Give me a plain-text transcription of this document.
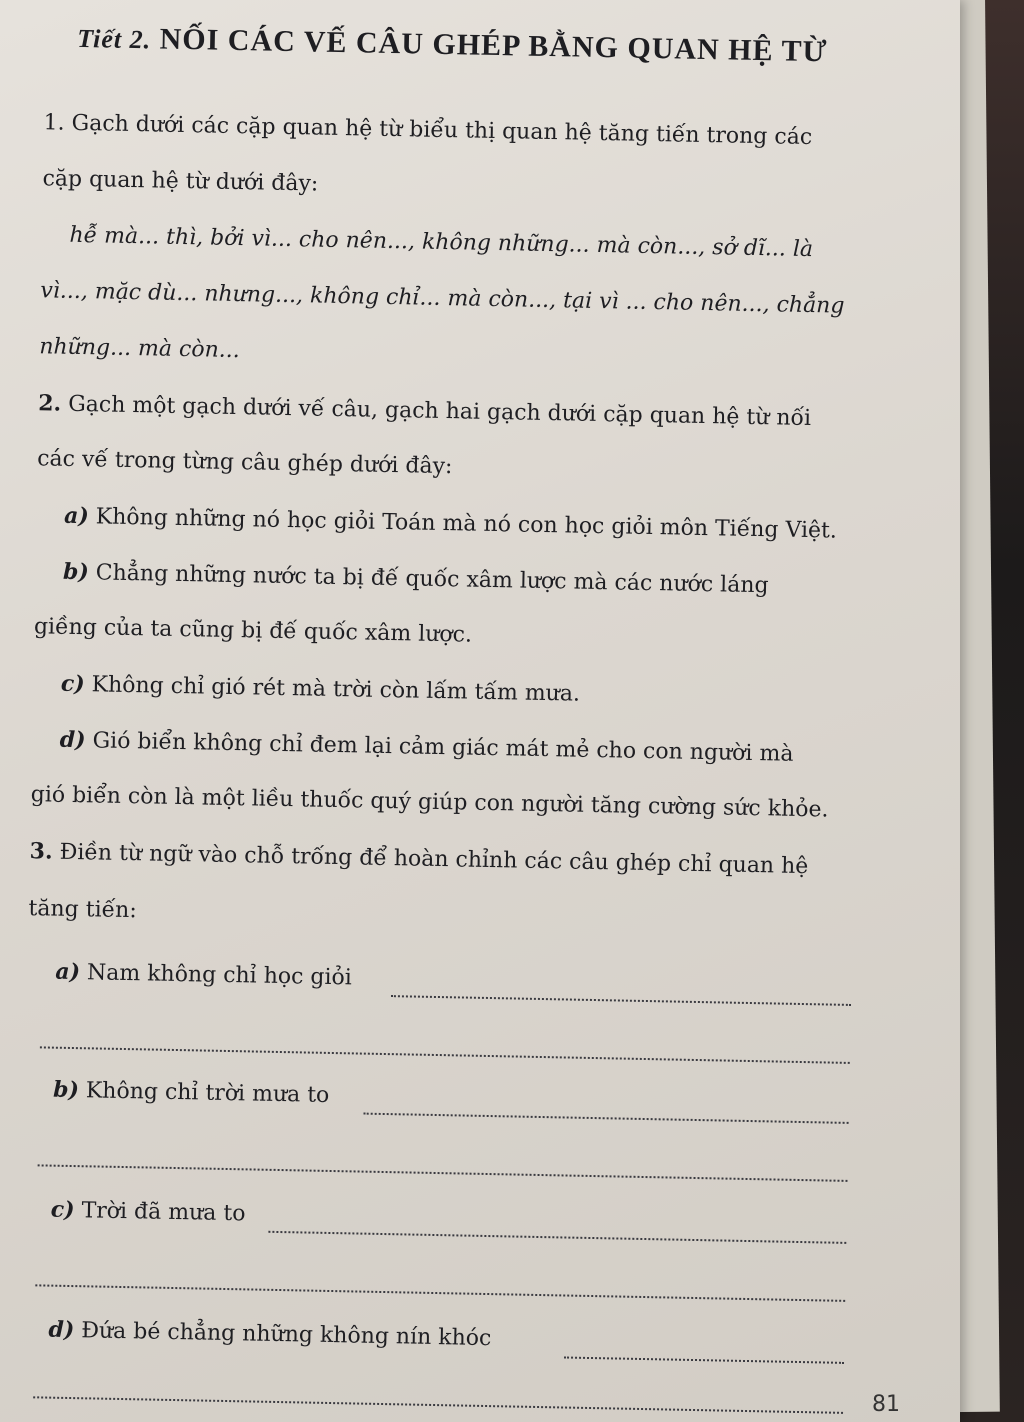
Tiết 2. NỐI CÁC VẾ CÂU GHÉP BẰNG QUAN HỆ TỪ
1. Gạch dưới các cặp quan hệ từ biểu thị quan hệ tăng tiến trong các
cặp quan hệ từ dưới đây:
hễ mà... thì, bởi vì... cho nên..., không những... mà còn..., sở dĩ... là
vì..., mặc dù... nhưng..., không chỉ... mà còn..., tại vì ... cho nên..., chẳng
những... mà còn...
2. Gạch một gạch dưới vế câu, gạch hai gạch dưới cặp quan hệ từ nối
các vế trong từng câu ghép dưới đây:
a) Không những nó học giỏi Toán mà nó con học giỏi môn Tiếng Việt.
b) Chẳng những nước ta bị đế quốc xâm lược mà các nước láng
giềng của ta cũng bị đế quốc xâm lược.
c) Không chỉ gió rét mà trời còn lấm tấm mưa.
d) Gió biển không chỉ đem lại cảm giác mát mẻ cho con người mà
gió biển còn là một liều thuốc quý giúp con người tăng cường sức khỏe.
3. Điền từ ngữ vào chỗ trống để hoàn chỉnh các câu ghép chỉ quan hệ
tăng tiến:
a) Nam không chỉ học giỏi
b) Không chỉ trời mưa to
c) Trời đã mưa to
d) Đứa bé chẳng những không nín khóc
81
